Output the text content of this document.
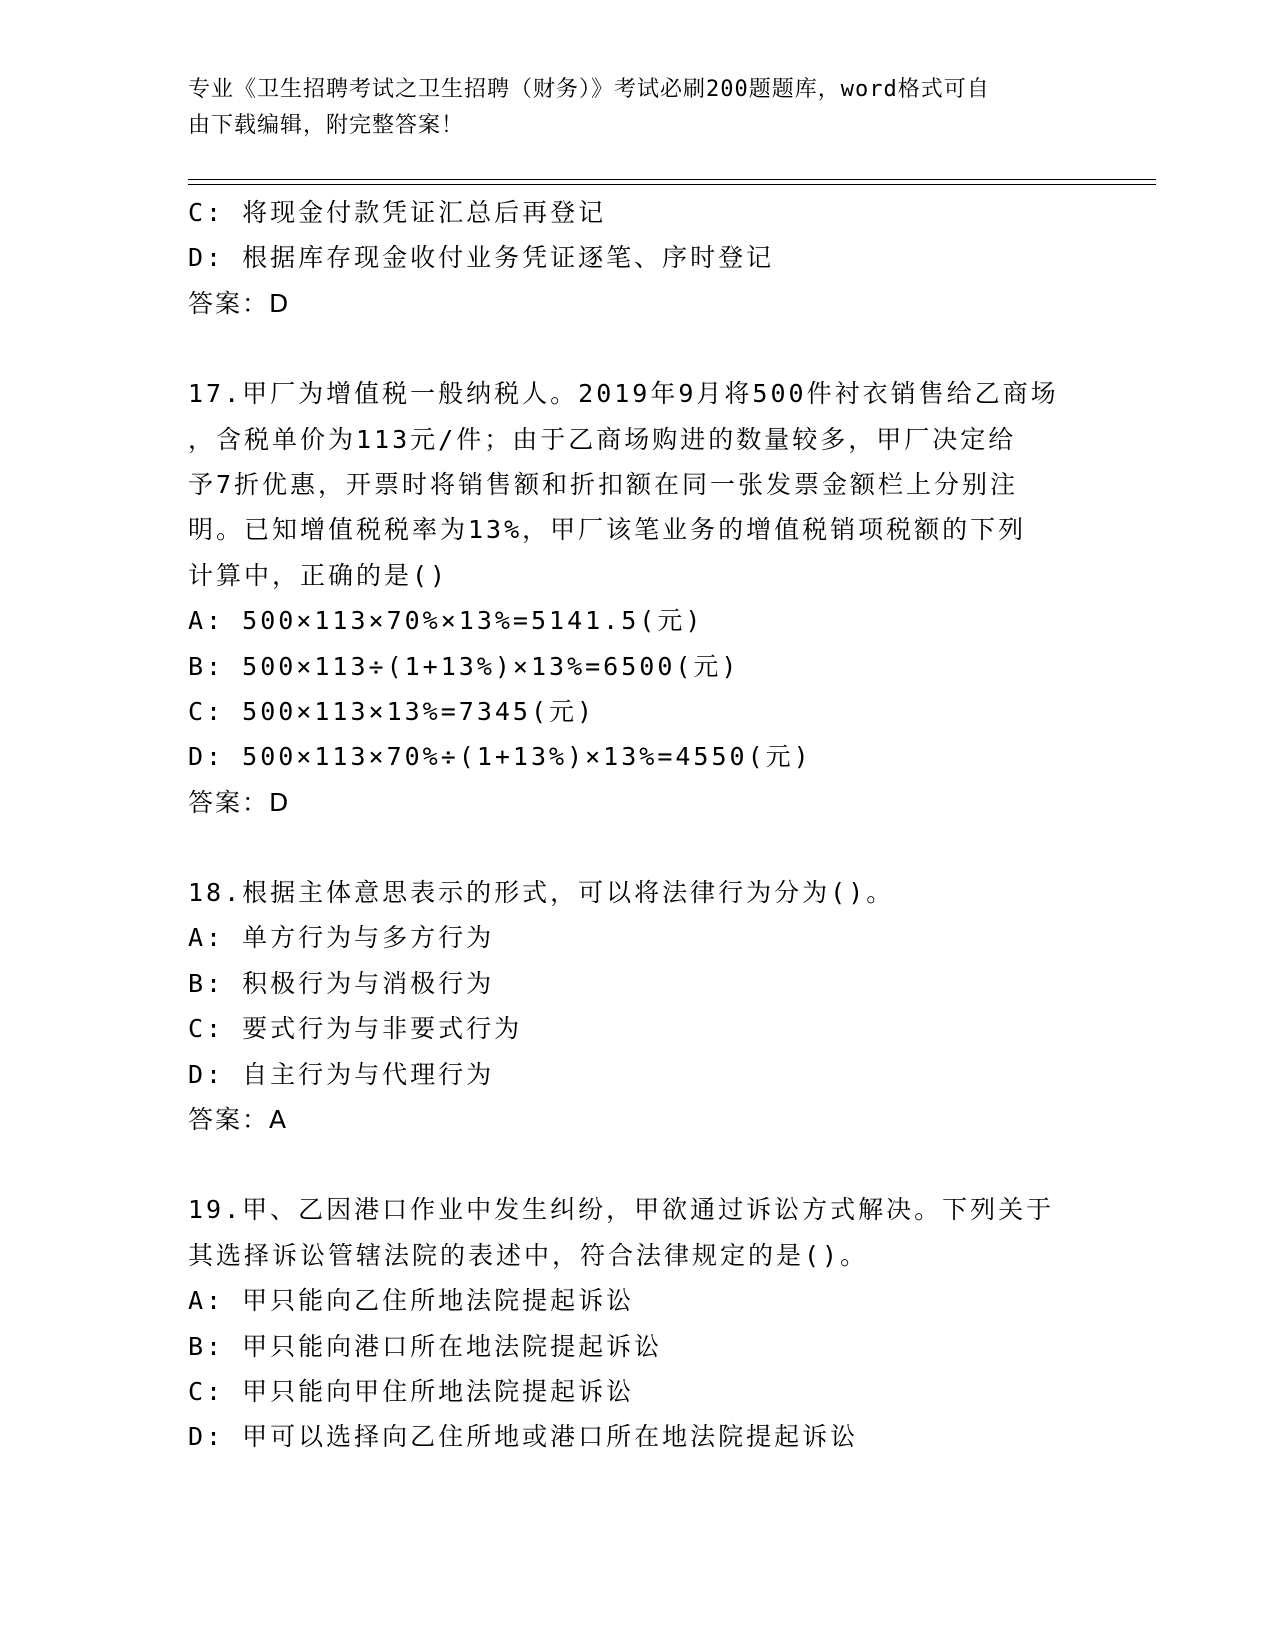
专业《卫生招聘考试之卫生招聘（财务）》考试必刷200题题库，word格式可自
由下载编辑，附完整答案！
C: 将现金付款凭证汇总后再登记
D: 根据库存现金收付业务凭证逐笔、序时登记
答案：D
17.甲厂为增值税一般纳税人。2019年9月将500件衬衣销售给乙商场
，含税单价为113元/件；由于乙商场购进的数量较多，甲厂决定给
予7折优惠，开票时将销售额和折扣额在同一张发票金额栏上分别注
明。已知增值税税率为13%，甲厂该笔业务的增值税销项税额的下列
计算中，正确的是()
A: 500×113×70%×13%=5141.5(元)
B: 500×113÷(1+13%)×13%=6500(元)
C: 500×113×13%=7345(元)
D: 500×113×70%÷(1+13%)×13%=4550(元)
答案：D
18.根据主体意思表示的形式，可以将法律行为分为()。
A: 单方行为与多方行为
B: 积极行为与消极行为
C: 要式行为与非要式行为
D: 自主行为与代理行为
答案：A
19.甲、乙因港口作业中发生纠纷，甲欲通过诉讼方式解决。下列关于
其选择诉讼管辖法院的表述中，符合法律规定的是()。
A: 甲只能向乙住所地法院提起诉讼
B: 甲只能向港口所在地法院提起诉讼
C: 甲只能向甲住所地法院提起诉讼
D: 甲可以选择向乙住所地或港口所在地法院提起诉讼
